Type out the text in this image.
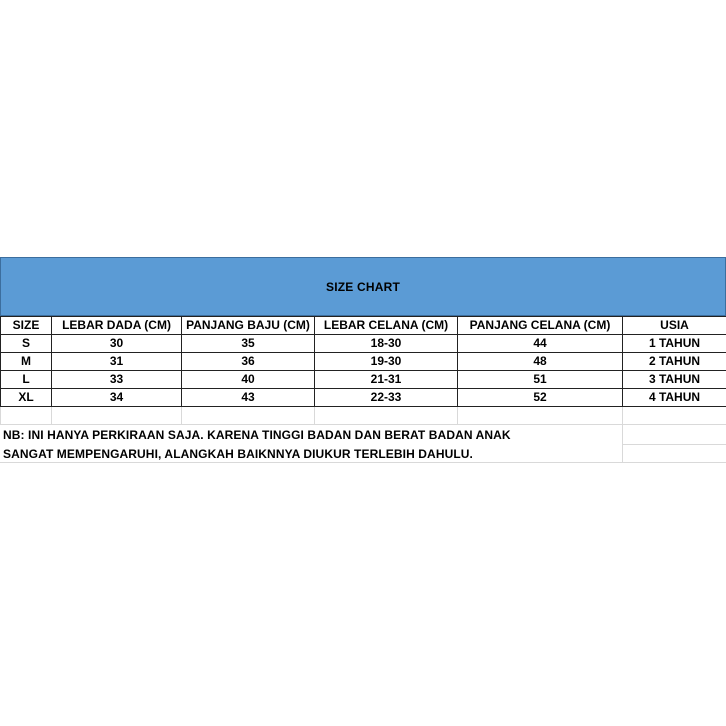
SIZE CHART
SIZE	LEBAR DADA (CM)	PANJANG BAJU (CM)	LEBAR CELANA (CM)	PANJANG CELANA (CM)	USIA
S	30	35	18-30	44	1 TAHUN
M	31	36	19-30	48	2 TAHUN
L	33	40	21-31	51	3 TAHUN
XL	34	43	22-33	52	4 TAHUN

NB: INI HANYA PERKIRAAN SAJA. KARENA TINGGI BADAN DAN BERAT BADAN ANAK
SANGAT MEMPENGARUHI, ALANGKAH BAIKNNYA DIUKUR TERLEBIH DAHULU.
